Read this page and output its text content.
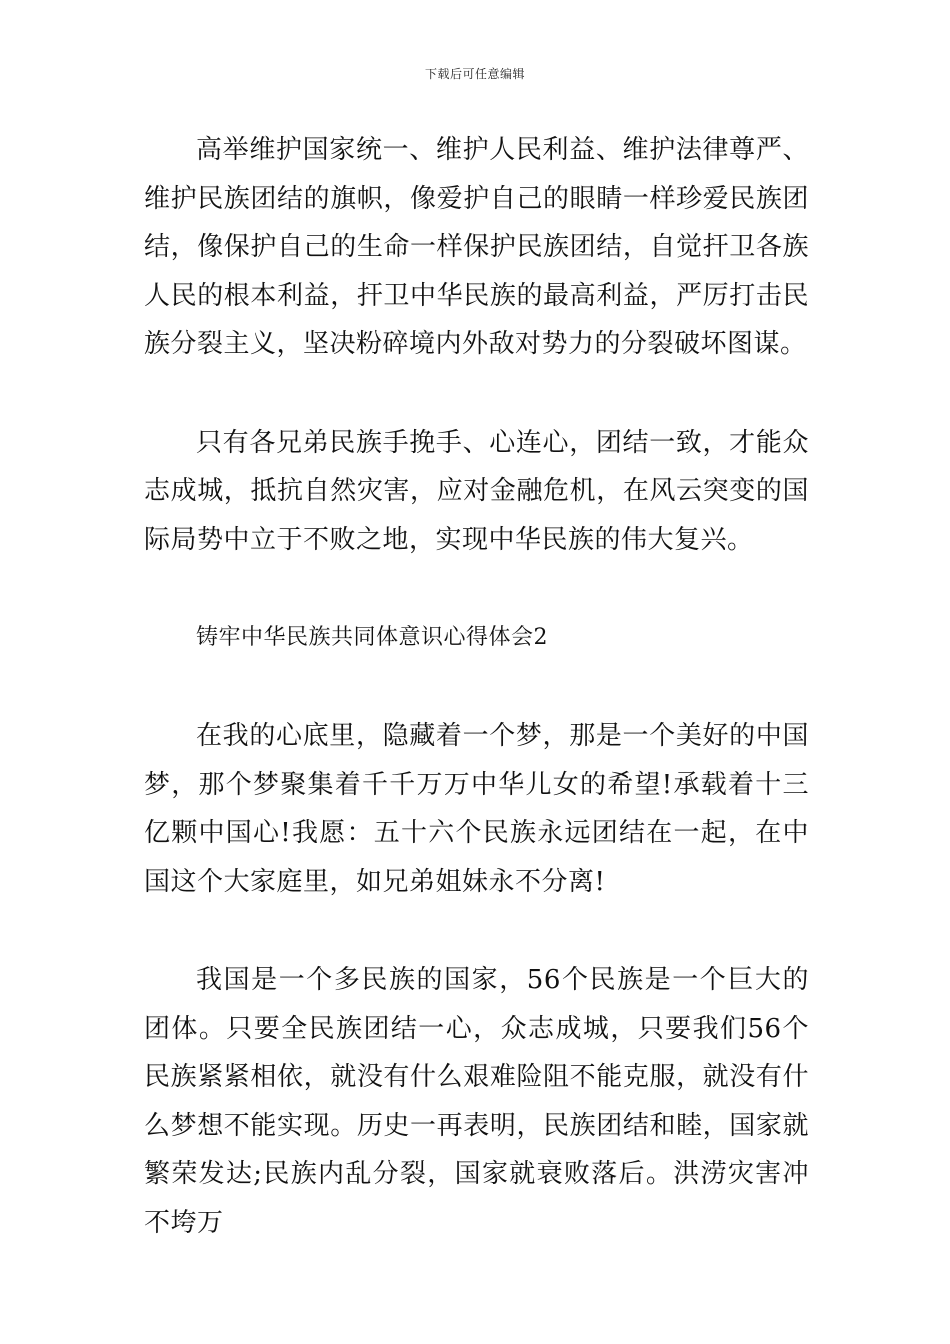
下载后可任意编辑

高举维护国家统一、维护人民利益、维护法律尊严、维护民族团结的旗帜，像爱护自己的眼睛一样珍爱民族团结，像保护自己的生命一样保护民族团结，自觉扞卫各族人民的根本利益，扞卫中华民族的最高利益，严厉打击民族分裂主义，坚决粉碎境内外敌对势力的分裂破坏图谋。

只有各兄弟民族手挽手、心连心，团结一致，才能众志成城，抵抗自然灾害，应对金融危机，在风云突变的国际局势中立于不败之地，实现中华民族的伟大复兴。

铸牢中华民族共同体意识心得体会2

在我的心底里，隐藏着一个梦，那是一个美好的中国梦，那个梦聚集着千千万万中华儿女的希望!承载着十三亿颗中国心!我愿：五十六个民族永远团结在一起，在中国这个大家庭里，如兄弟姐妹永不分离!

我国是一个多民族的国家，56个民族是一个巨大的团体。只要全民族团结一心，众志成城，只要我们56个民族紧紧相依，就没有什么艰难险阻不能克服，就没有什么梦想不能实现。历史一再表明，民族团结和睦，国家就繁荣发达;民族内乱分裂，国家就衰败落后。洪涝灾害冲不垮万
